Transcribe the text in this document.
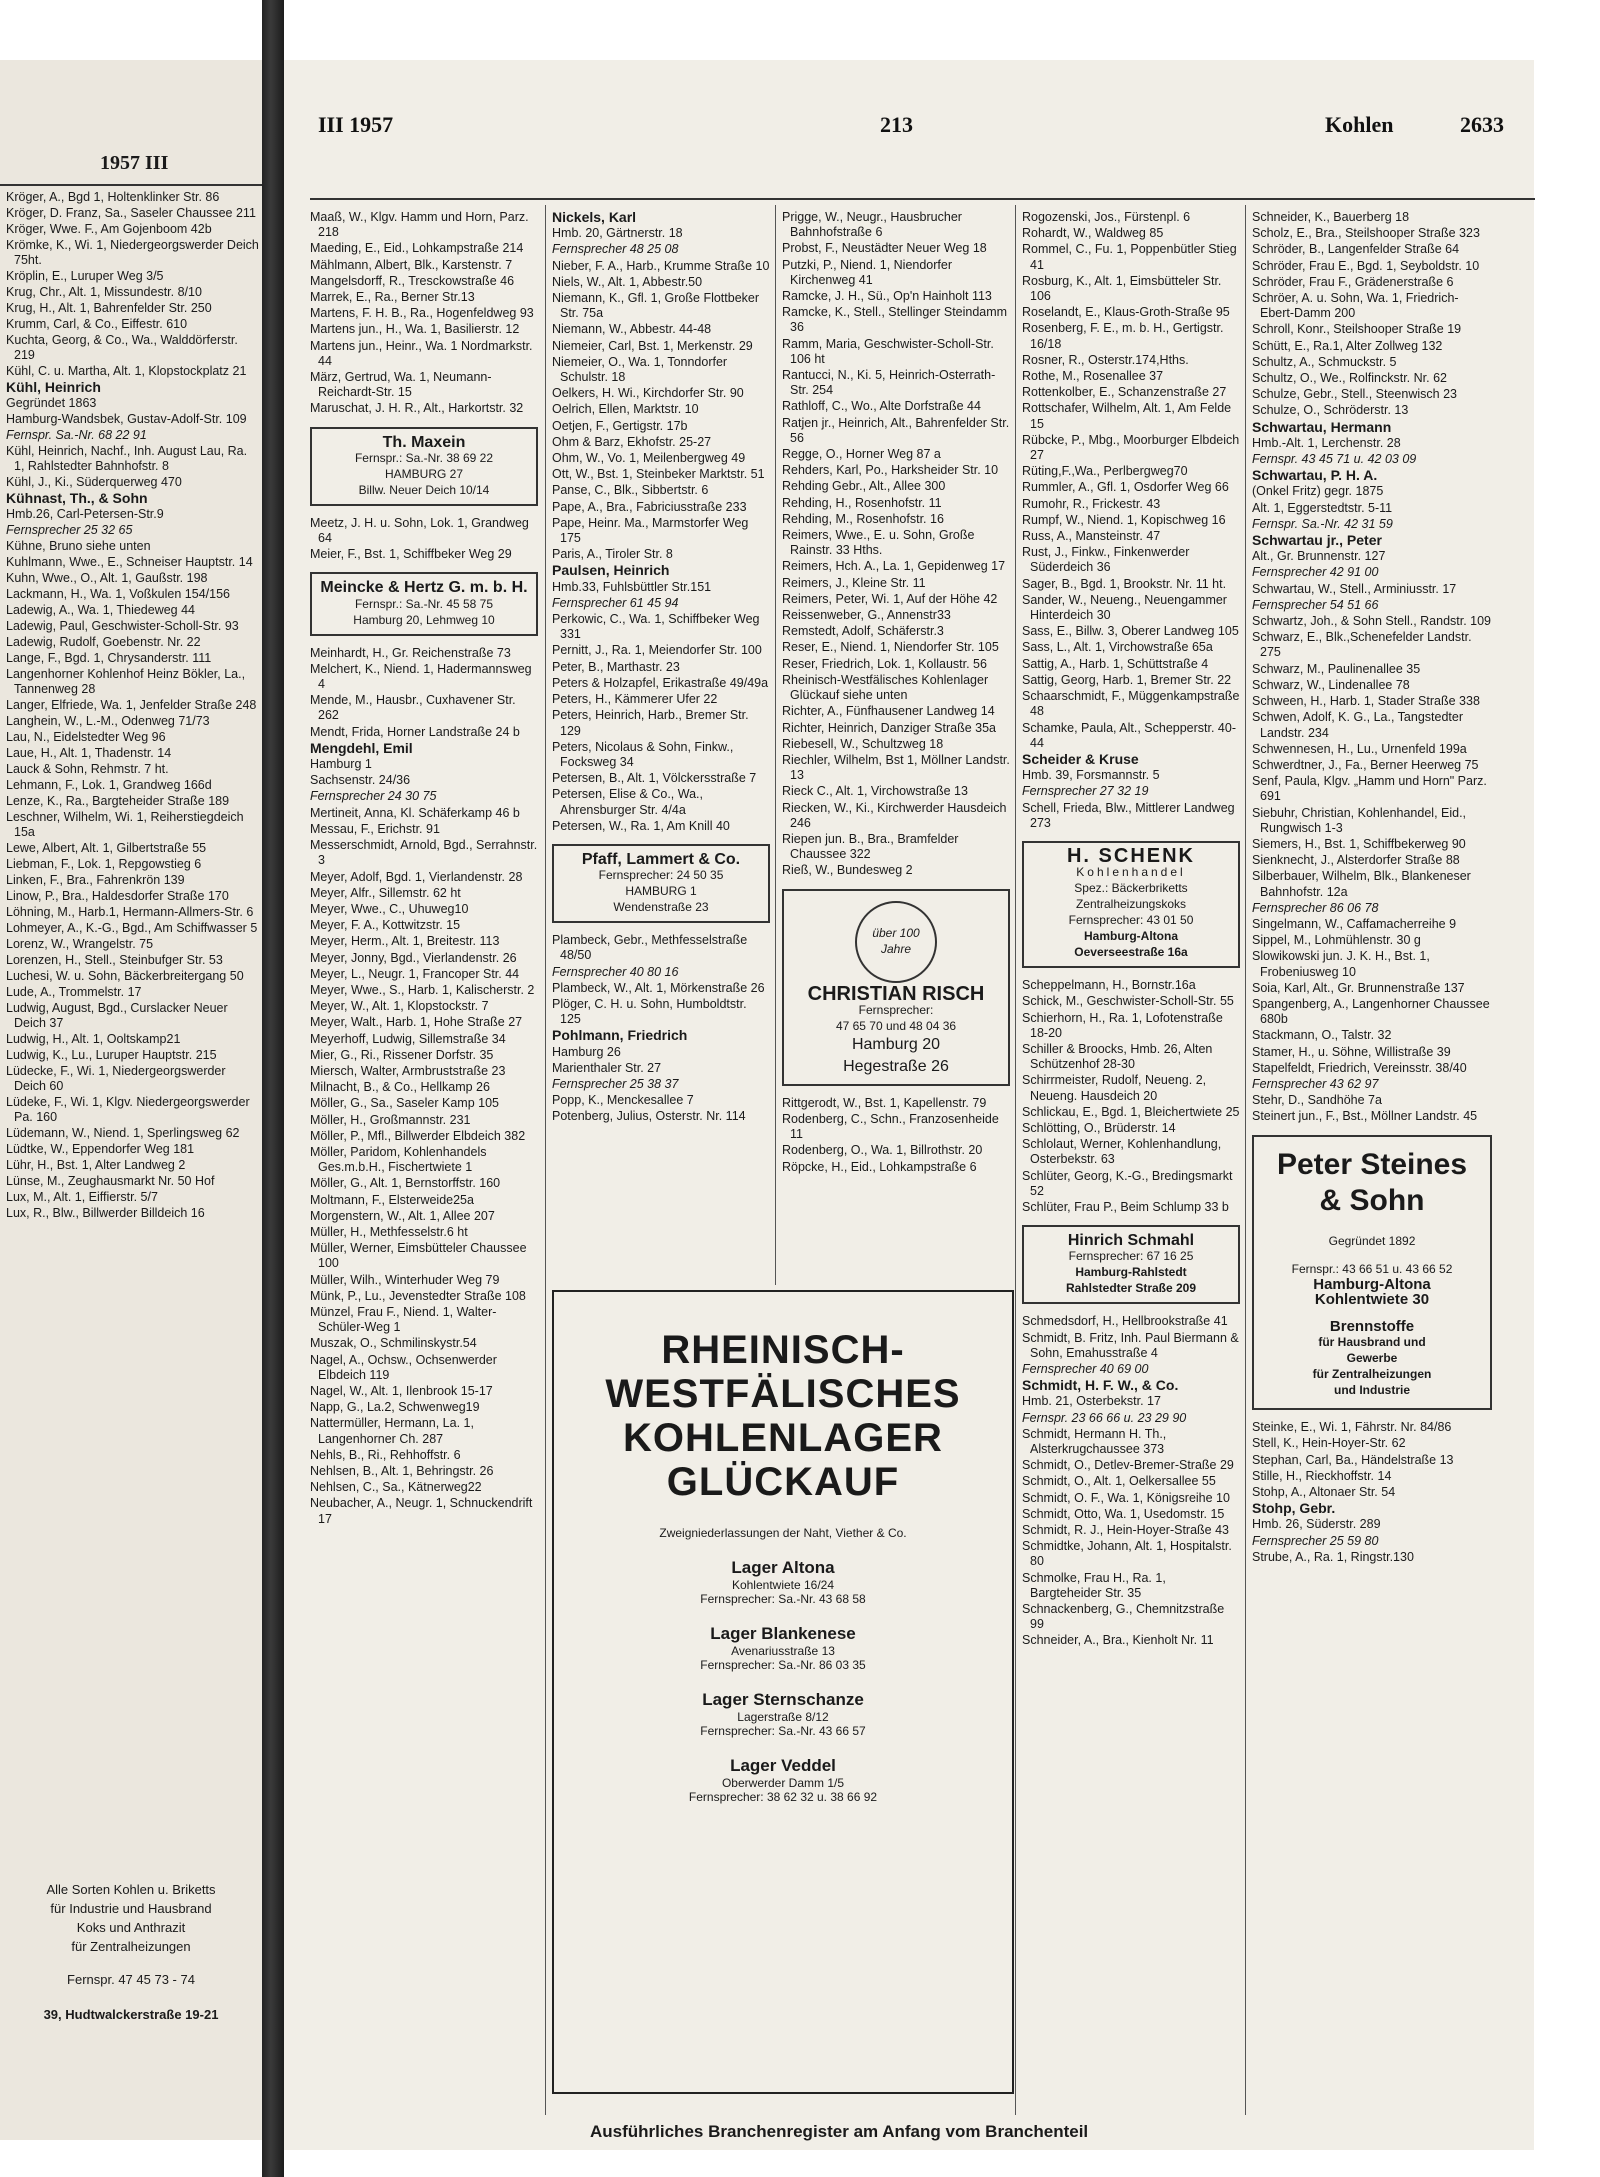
1957 III
Kröger, A., Bgd 1, Holtenklinker Str. 86
Kröger, D. Franz, Sa., Saseler Chaussee 211
Kröger, Wwe. F., Am Gojenboom 42b
Krömke, K., Wi. 1, Niedergeorgswerder Deich 75ht.
Kröplin, E., Luruper Weg 3/5
Krug, Chr., Alt. 1, Missundestr. 8/10
Krug, H., Alt. 1, Bahrenfelder Str. 250
Krumm, Carl, & Co., Eiffestr. 610
Kuchta, Georg, & Co., Wa., Walddörferstr. 219
Kühl, C. u. Martha, Alt. 1, Klopstockplatz 21
Kühl, Heinrich
Gegründet 1863
Hamburg-Wandsbek, Gustav-Adolf-Str. 109
Fernspr. Sa.-Nr. 68 22 91
Kühl, Heinrich, Nachf., Inh. August Lau, Ra. 1, Rahlstedter Bahnhofstr. 8
Kühl, J., Ki., Süderquerweg 470
Kühnast, Th., & Sohn
Hmb.26, Carl-Petersen-Str.9
Fernsprecher 25 32 65
Kühne, Bruno siehe unten
Kuhlmann, Wwe., E., Schneiser Hauptstr. 14
Kuhn, Wwe., O., Alt. 1, Gaußstr. 198
Lackmann, H., Wa. 1, Voßkulen 154/156
Ladewig, A., Wa. 1, Thiedeweg 44
Ladewig, Paul, Geschwister-Scholl-Str. 93
Ladewig, Rudolf, Goebenstr. Nr. 22
Lange, F., Bgd. 1, Chrysanderstr. 111
Langenhorner Kohlenhof Heinz Bökler, La., Tannenweg 28
Langer, Elfriede, Wa. 1, Jenfelder Straße 248
Langhein, W., L.-M., Odenweg 71/73
Lau, N., Eidelstedter Weg 96
Laue, H., Alt. 1, Thadenstr. 14
Lauck & Sohn, Rehmstr. 7 ht.
Lehmann, F., Lok. 1, Grandweg 166d
Lenze, K., Ra., Bargteheider Straße 189
Leschner, Wilhelm, Wi. 1, Reiherstiegdeich 15a
Lewe, Albert, Alt. 1, Gilbertstraße 55
Liebman, F., Lok. 1, Repgowstieg 6
Linken, F., Bra., Fahrenkrön 139
Linow, P., Bra., Haldesdorfer Straße 170
Löhning, M., Harb.1, Hermann-Allmers-Str. 6
Lohmeyer, A., K.-G., Bgd., Am Schiffwasser 5
Lorenz, W., Wrangelstr. 75
Lorenzen, H., Stell., Steinbufger Str. 53
Luchesi, W. u. Sohn, Bäckerbreitergang 50
Lude, A., Trommelstr. 17
Ludwig, August, Bgd., Curslacker Neuer Deich 37
Ludwig, H., Alt. 1, Ooltskamp21
Ludwig, K., Lu., Luruper Hauptstr. 215
Lüdecke, F., Wi. 1, Niedergeorgswerder Deich 60
Lüdeke, F., Wi. 1, Klgv. Niedergeorgswerder Pa. 160
Lüdemann, W., Niend. 1, Sperlingsweg 62
Lüdtke, W., Eppendorfer Weg 181
Lühr, H., Bst. 1, Alter Landweg 2
Lünse, M., Zeughausmarkt Nr. 50 Hof
Lux, M., Alt. 1, Eiffierstr. 5/7
Lux, R., Blw., Billwerder Billdeich 16
Alle Sorten Kohlen u. Briketts
für Industrie und Hausbrand
Koks und Anthrazit
für Zentralheizungen
Fernspr. 47 45 73 - 74
39, Hudtwalckerstraße 19-21
III 1957	213	Kohlen	2633
Maaß, W., Klgv. Hamm und Horn, Parz. 218
Maeding, E., Eid., Lohkampstraße 214
Mählmann, Albert, Blk., Karstenstr. 7
Mangelsdorff, R., Tresckowstraße 46
Marrek, E., Ra., Berner Str.13
Martens, F. H. B., Ra., Hogenfeldweg 93
Martens jun., H., Wa. 1, Basilierstr. 12
Martens jun., Heinr., Wa. 1 Nordmarkstr. 44
März, Gertrud, Wa. 1, Neumann-Reichardt-Str. 15
Maruschat, J. H. R., Alt., Harkortstr. 32
Th. Maxein
Fernspr.: Sa.-Nr. 38 69 22
HAMBURG 27
Billw. Neuer Deich 10/14
Meetz, J. H. u. Sohn, Lok. 1, Grandweg 64
Meier, F., Bst. 1, Schiffbeker Weg 29
Meincke & Hertz G. m. b. H.
Fernspr.: Sa.-Nr. 45 58 75
Hamburg 20, Lehmweg 10
Meinhardt, H., Gr. Reichenstraße 73
Melchert, K., Niend. 1, Hadermannsweg 4
Mende, M., Hausbr., Cuxhavener Str. 262
Mendt, Frida, Horner Landstraße 24 b
Mengdehl, Emil
Hamburg 1
Sachsenstr. 24/36
Fernsprecher 24 30 75
Mertineit, Anna, Kl. Schäferkamp 46 b
Messau, F., Erichstr. 91
Messerschmidt, Arnold, Bgd., Serrahnstr. 3
Meyer, Adolf, Bgd. 1, Vierlandenstr. 28
Meyer, Alfr., Sillemstr. 62 ht
Meyer, Wwe., C., Uhuweg10
Meyer, F. A., Kottwitzstr. 15
Meyer, Herm., Alt. 1, Breitestr. 113
Meyer, Jonny, Bgd., Vierlandenstr. 26
Meyer, L., Neugr. 1, Francoper Str. 44
Meyer, Wwe., S., Harb. 1, Kalischerstr. 2
Meyer, W., Alt. 1, Klopstockstr. 7
Meyer, Walt., Harb. 1, Hohe Straße 27
Meyerhoff, Ludwig, Sillemstraße 34
Mier, G., Ri., Rissener Dorfstr. 35
Miersch, Walter, Armbruststraße 23
Milnacht, B., & Co., Hellkamp 26
Möller, G., Sa., Saseler Kamp 105
Möller, H., Großmannstr. 231
Möller, P., Mfl., Billwerder Elbdeich 382
Möller, Paridom, Kohlenhandels Ges.m.b.H., Fischertwiete 1
Möller, G., Alt. 1, Bernstorffstr. 160
Moltmann, F., Elsterweide25a
Morgenstern, W., Alt. 1, Allee 207
Müller, H., Methfesselstr.6 ht
Müller, Werner, Eimsbütteler Chaussee 100
Müller, Wilh., Winterhuder Weg 79
Münk, P., Lu., Jevenstedter Straße 108
Münzel, Frau F., Niend. 1, Walter-Schüler-Weg 1
Muszak, O., Schmilinskystr.54
Nagel, A., Ochsw., Ochsenwerder Elbdeich 119
Nagel, W., Alt. 1, Ilenbrook 15-17
Napp, G., La.2, Schwenweg19
Nattermüller, Hermann, La. 1, Langenhorner Ch. 287
Nehls, B., Ri., Rehhoffstr. 6
Nehlsen, B., Alt. 1, Behringstr. 26
Nehlsen, C., Sa., Kätnerweg22
Neubacher, A., Neugr. 1, Schnuckendrift 17
Nickels, Karl
Hmb. 20, Gärtnerstr. 18
Fernsprecher 48 25 08
Nieber, F. A., Harb., Krumme Straße 10
Niels, W., Alt. 1, Abbestr.50
Niemann, K., Gfl. 1, Große Flottbeker Str. 75a
Niemann, W., Abbestr. 44-48
Niemeier, Carl, Bst. 1, Merkenstr. 29
Niemeier, O., Wa. 1, Tonndorfer Schulstr. 18
Oelkers, H. Wi., Kirchdorfer Str. 90
Oelrich, Ellen, Marktstr. 10
Oetjen, F., Gertigstr. 17b
Ohm & Barz, Ekhofstr. 25-27
Ohm, W., Vo. 1, Meilenbergweg 49
Ott, W., Bst. 1, Steinbeker Marktstr. 51
Panse, C., Blk., Sibbertstr. 6
Pape, A., Bra., Fabriciusstraße 233
Pape, Heinr. Ma., Marmstorfer Weg 175
Paris, A., Tiroler Str. 8
Paulsen, Heinrich
Hmb.33, Fuhlsbüttler Str.151
Fernsprecher 61 45 94
Perkowic, C., Wa. 1, Schiffbeker Weg 331
Pernitt, J., Ra. 1, Meiendorfer Str. 100
Peter, B., Marthastr. 23
Peters & Holzapfel, Erikastraße 49/49a
Peters, H., Kämmerer Ufer 22
Peters, Heinrich, Harb., Bremer Str. 129
Peters, Nicolaus & Sohn, Finkw., Focksweg 34
Petersen, B., Alt. 1, Völckersstraße 7
Petersen, Elise & Co., Wa., Ahrensburger Str. 4/4a
Petersen, W., Ra. 1, Am Knill 40
Pfaff, Lammert & Co.
Fernsprecher: 24 50 35
HAMBURG 1
Wendenstraße 23
Plambeck, Gebr., Methfesselstraße 48/50
Fernsprecher 40 80 16
Plambeck, W., Alt. 1, Mörkenstraße 26
Plöger, C. H. u. Sohn, Humboldtstr. 125
Pohlmann, Friedrich
Hamburg 26
Marienthaler Str. 27
Fernsprecher 25 38 37
Popp, K., Menckesallee 7
Potenberg, Julius, Osterstr. Nr. 114
Prigge, W., Neugr., Hausbrucher Bahnhofstraße 6
Probst, F., Neustädter Neuer Weg 18
Putzki, P., Niend. 1, Niendorfer Kirchenweg 41
Ramcke, J. H., Sü., Op'n Hainholt 113
Ramcke, K., Stell., Stellinger Steindamm 36
Ramm, Maria, Geschwister-Scholl-Str. 106 ht
Rantucci, N., Ki. 5, Heinrich-Osterrath-Str. 254
Rathloff, C., Wo., Alte Dorfstraße 44
Ratjen jr., Heinrich, Alt., Bahrenfelder Str. 56
Regge, O., Horner Weg 87 a
Rehders, Karl, Po., Harksheider Str. 10
Rehding Gebr., Alt., Allee 300
Rehding, H., Rosenhofstr. 11
Rehding, M., Rosenhofstr. 16
Reimers, Wwe., E. u. Sohn, Große Rainstr. 33 Hths.
Reimers, Hch. A., La. 1, Gepidenweg 17
Reimers, J., Kleine Str. 11
Reimers, Peter, Wi. 1, Auf der Höhe 42
Reissenweber, G., Annenstr33
Remstedt, Adolf, Schäferstr.3
Reser, E., Niend. 1, Niendorfer Str. 105
Reser, Friedrich, Lok. 1, Kollaustr. 56
Rheinisch-Westfälisches Kohlenlager Glückauf siehe unten
Richter, A., Fünfhausener Landweg 14
Richter, Heinrich, Danziger Straße 35a
Riebesell, W., Schultzweg 18
Riechler, Wilhelm, Bst 1, Möllner Landstr. 13
Rieck C., Alt. 1, Virchowstraße 13
Riecken, W., Ki., Kirchwerder Hausdeich 246
Riepen jun. B., Bra., Bramfelder Chaussee 322
Rieß, W., Bundesweg 2
über 100 Jahre
CHRISTIAN RISCH
Fernsprecher:
47 65 70 und 48 04 36
Hamburg 20
Hegestraße 26
Rittgerodt, W., Bst. 1, Kapellenstr. 79
Rodenberg, C., Schn., Franzosenheide 11
Rodenberg, O., Wa. 1, Billrothstr. 20
Röpcke, H., Eid., Lohkampstraße 6
Rogozenski, Jos., Fürstenpl. 6
Rohardt, W., Waldweg 85
Rommel, C., Fu. 1, Poppenbütler Stieg 41
Rosburg, K., Alt. 1, Eimsbütteler Str. 106
Roselandt, E., Klaus-Groth-Straße 95
Rosenberg, F. E., m. b. H., Gertigstr. 16/18
Rosner, R., Osterstr.174,Hths.
Rothe, M., Rosenallee 37
Rottenkolber, E., Schanzenstraße 27
Rottschafer, Wilhelm, Alt. 1, Am Felde 15
Rübcke, P., Mbg., Moorburger Elbdeich 27
Rüting,F.,Wa., Perlbergweg70
Rummler, A., Gfl. 1, Osdorfer Weg 66
Rumohr, R., Frickestr. 43
Rumpf, W., Niend. 1, Kopischweg 16
Russ, A., Mansteinstr. 47
Rust, J., Finkw., Finkenwerder Süderdeich 36
Sager, B., Bgd. 1, Brookstr. Nr. 11 ht.
Sander, W., Neueng., Neuengammer Hinterdeich 30
Sass, E., Billw. 3, Oberer Landweg 105
Sass, L., Alt. 1, Virchowstraße 65a
Sattig, A., Harb. 1, Schüttstraße 4
Sattig, Georg, Harb. 1, Bremer Str. 22
Schaarschmidt, F., Müggenkampstraße 48
Schamke, Paula, Alt., Schepperstr. 40-44
Scheider & Kruse
Hmb. 39, Forsmannstr. 5
Fernsprecher 27 32 19
Schell, Frieda, Blw., Mittlerer Landweg 273
H. SCHENK
Kohlenhandel
Spez.: Bäckerbriketts
Zentralheizungskoks
Fernsprecher: 43 01 50
Hamburg-Altona
Oeverseestraße 16a
Scheppelmann, H., Bornstr.16a
Schick, M., Geschwister-Scholl-Str. 55
Schierhorn, H., Ra. 1, Lofotenstraße 18-20
Schiller & Broocks, Hmb. 26, Alten Schützenhof 28-30
Schirrmeister, Rudolf, Neueng. 2, Neueng. Hausdeich 20
Schlickau, E., Bgd. 1, Bleichertwiete 25
Schlötting, O., Brüderstr. 14
Schlolaut, Werner, Kohlenhandlung, Osterbekstr. 63
Schlüter, Georg, K.-G., Bredingsmarkt 52
Schlüter, Frau P., Beim Schlump 33 b
Hinrich Schmahl
Fernsprecher: 67 16 25
Hamburg-Rahlstedt
Rahlstedter Straße 209
Schmedsdorf, H., Hellbrookstraße 41
Schmidt, B. Fritz, Inh. Paul Biermann & Sohn, Emahusstraße 4
Fernsprecher 40 69 00
Schmidt, H. F. W., & Co.
Hmb. 21, Osterbekstr. 17
Fernspr. 23 66 66 u. 23 29 90
Schmidt, Hermann H. Th., Alsterkrugchaussee 373
Schmidt, O., Detlev-Bremer-Straße 29
Schmidt, O., Alt. 1, Oelkersallee 55
Schmidt, O. F., Wa. 1, Königsreihe 10
Schmidt, Otto, Wa. 1, Usedomstr. 15
Schmidt, R. J., Hein-Hoyer-Straße 43
Schmidtke, Johann, Alt. 1, Hospitalstr. 80
Schmolke, Frau H., Ra. 1, Bargteheider Str. 35
Schnackenberg, G., Chemnitzstraße 99
Schneider, A., Bra., Kienholt Nr. 11
Schneider, K., Bauerberg 18
Scholz, E., Bra., Steilshooper Straße 323
Schröder, B., Langenfelder Straße 64
Schröder, Frau E., Bgd. 1, Seyboldstr. 10
Schröder, Frau F., Grädenerstraße 6
Schröer, A. u. Sohn, Wa. 1, Friedrich-Ebert-Damm 200
Schroll, Konr., Steilshooper Straße 19
Schütt, E., Ra.1, Alter Zollweg 132
Schultz, A., Schmuckstr. 5
Schultz, O., We., Rolfinckstr. Nr. 62
Schulze, Gebr., Stell., Steenwisch 23
Schulze, O., Schröderstr. 13
Schwartau, Hermann
Hmb.-Alt. 1, Lerchenstr. 28
Fernspr. 43 45 71 u. 42 03 09
Schwartau, P. H. A.
(Onkel Fritz) gegr. 1875
Alt. 1, Eggerstedtstr. 5-11
Fernspr. Sa.-Nr. 42 31 59
Schwartau jr., Peter
Alt., Gr. Brunnenstr. 127
Fernsprecher 42 91 00
Schwartau, W., Stell., Arminiusstr. 17
Fernsprecher 54 51 66
Schwartz, Joh., & Sohn Stell., Randstr. 109
Schwarz, E., Blk.,Schenefelder Landstr. 275
Schwarz, M., Paulinenallee 35
Schwarz, W., Lindenallee 78
Schween, H., Harb. 1, Stader Straße 338
Schwen, Adolf, K. G., La., Tangstedter Landstr. 234
Schwennesen, H., Lu., Urnenfeld 199a
Schwerdtner, J., Fa., Berner Heerweg 75
Senf, Paula, Klgv. „Hamm und Horn" Parz. 691
Siebuhr, Christian, Kohlenhandel, Eid., Rungwisch 1-3
Siemers, H., Bst. 1, Schiffbekerweg 90
Sienknecht, J., Alsterdorfer Straße 88
Silberbauer, Wilhelm, Blk., Blankeneser Bahnhofstr. 12a
Fernsprecher 86 06 78
Singelmann, W., Caffamacherreihe 9
Sippel, M., Lohmühlenstr. 30 g
Slowikowski jun. J. K. H., Bst. 1, Frobeniusweg 10
Soia, Karl, Alt., Gr. Brunnenstraße 137
Spangenberg, A., Langenhorner Chaussee 680b
Stackmann, O., Talstr. 32
Stamer, H., u. Söhne, Willistraße 39
Stapelfeldt, Friedrich, Vereinsstr. 38/40
Fernsprecher 43 62 97
Stehr, D., Sandhöhe 7a
Steinert jun., F., Bst., Möllner Landstr. 45
Peter Steines
& Sohn
Gegründet 1892
Fernspr.: 43 66 51 u. 43 66 52
Hamburg-Altona
Kohlentwiete 30
Brennstoffe
für Hausbrand und
Gewerbe
für Zentralheizungen
und Industrie
Steinke, E., Wi. 1, Fährstr. Nr. 84/86
Stell, K., Hein-Hoyer-Str. 62
Stephan, Carl, Ba., Händelstraße 13
Stille, H., Rieckhoffstr. 14
Stohp, A., Altonaer Str. 54
Stohp, Gebr.
Hmb. 26, Süderstr. 289
Fernsprecher 25 59 80
Strube, A., Ra. 1, Ringstr.130
RHEINISCH-
WESTFÄLISCHES
KOHLENLAGER
GLÜCKAUF
Zweigniederlassungen der Naht, Viether & Co.
Lager Altona
Kohlentwiete 16/24
Fernsprecher: Sa.-Nr. 43 68 58
Lager Blankenese
Avenariusstraße 13
Fernsprecher: Sa.-Nr. 86 03 35
Lager Sternschanze
Lagerstraße 8/12
Fernsprecher: Sa.-Nr. 43 66 57
Lager Veddel
Oberwerder Damm 1/5
Fernsprecher: 38 62 32 u. 38 66 92
Ausführliches Branchenregister am Anfang vom Branchenteil
